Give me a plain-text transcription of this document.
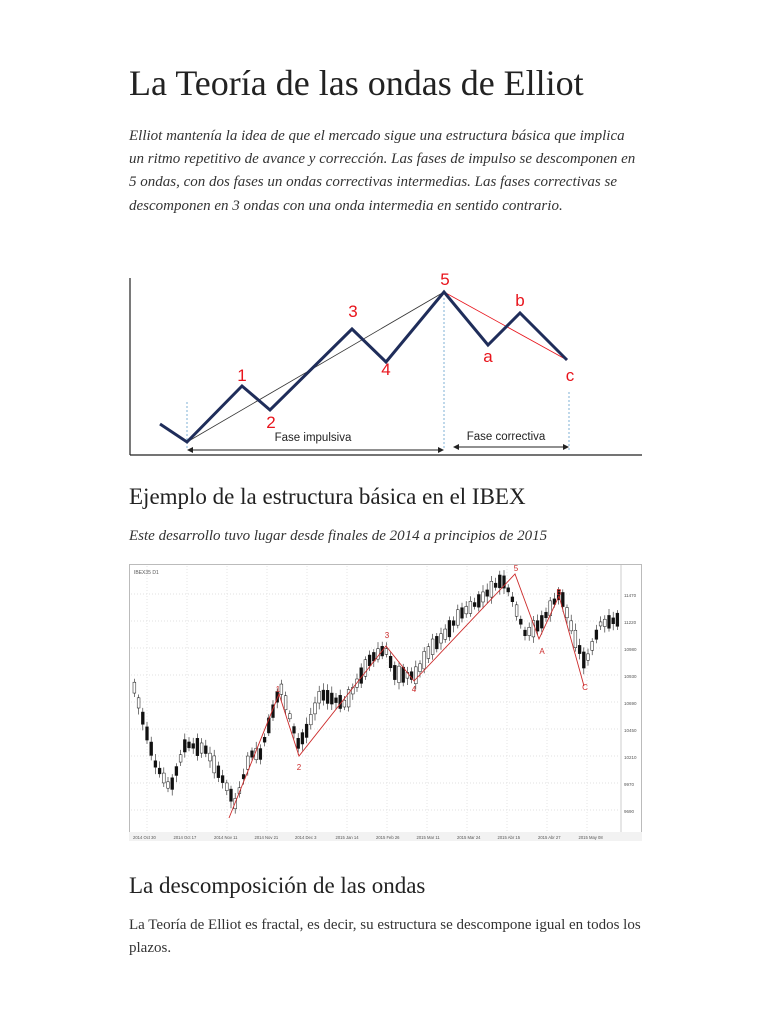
La Teoría de las ondas de Elliot

Elliot mantenía la idea de que el mercado sigue una estructura básica que implica un ritmo repetitivo de avance y corrección. Las fases de impulso se descomponen en 5 ondas, con dos fases un ondas correctivas intermedias. Las fases correctivas se descomponen en 3 ondas con una onda intermedia en sentido contrario.

1
2
3
4
5
a
b
c
Fase impulsiva	Fase correctiva
Ejemplo de la estructura básica en el IBEX

Este desarrollo tuvo lugar desde finales de 2014 a principios de 2015

IBEX35 D1
1
2
3
4
5
A
B
C
11470
11220
10980
10930
10690
10450
10210
9970
9690
2014 Oct 30	2014 Oct 17	2014 Nov 11	2014 Nov 21	2014 Dec 3	2015 Jan 14	2015 Feb 26	2015 Mar 11	2015 Mar 24	2015 Abr 15	2015 Abr 27	2015 May 08
La descomposición de las ondas

La Teoría de Elliot es fractal, es decir, su estructura se descompone igual en todos los plazos.
